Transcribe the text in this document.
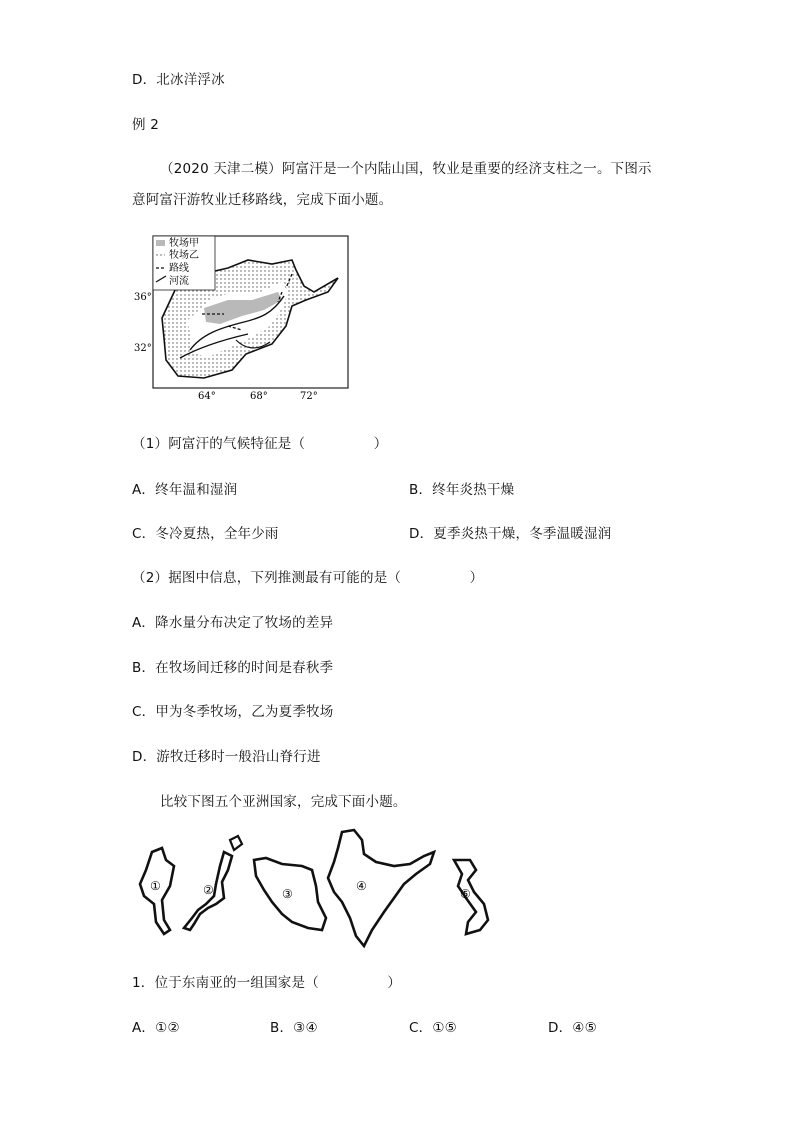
D．北冰洋浮冰
例 2
（2020 天津二模）阿富汗是一个内陆山国，牧业是重要的经济支柱之一。下图示
意阿富汗游牧业迁移路线，完成下面小题。
牧场甲
牧场乙
路线
河流
36°
32°
64°	68°	72°
（1）阿富汗的气候特征是（　　　　　）
A．终年温和湿润	B．终年炎热干燥
C．冬冷夏热，全年少雨	D．夏季炎热干燥，冬季温暖湿润
（2）据图中信息，下列推测最有可能的是（　　　　　）
A．降水量分布决定了牧场的差异
B．在牧场间迁移的时间是春秋季
C．甲为冬季牧场，乙为夏季牧场
D．游牧迁移时一般沿山脊行进
比较下图五个亚洲国家，完成下面小题。
①	②	③
④
⑤
1．位于东南亚的一组国家是（　　　　　）
A．①②	B．③④	C．①⑤	D．④⑤
